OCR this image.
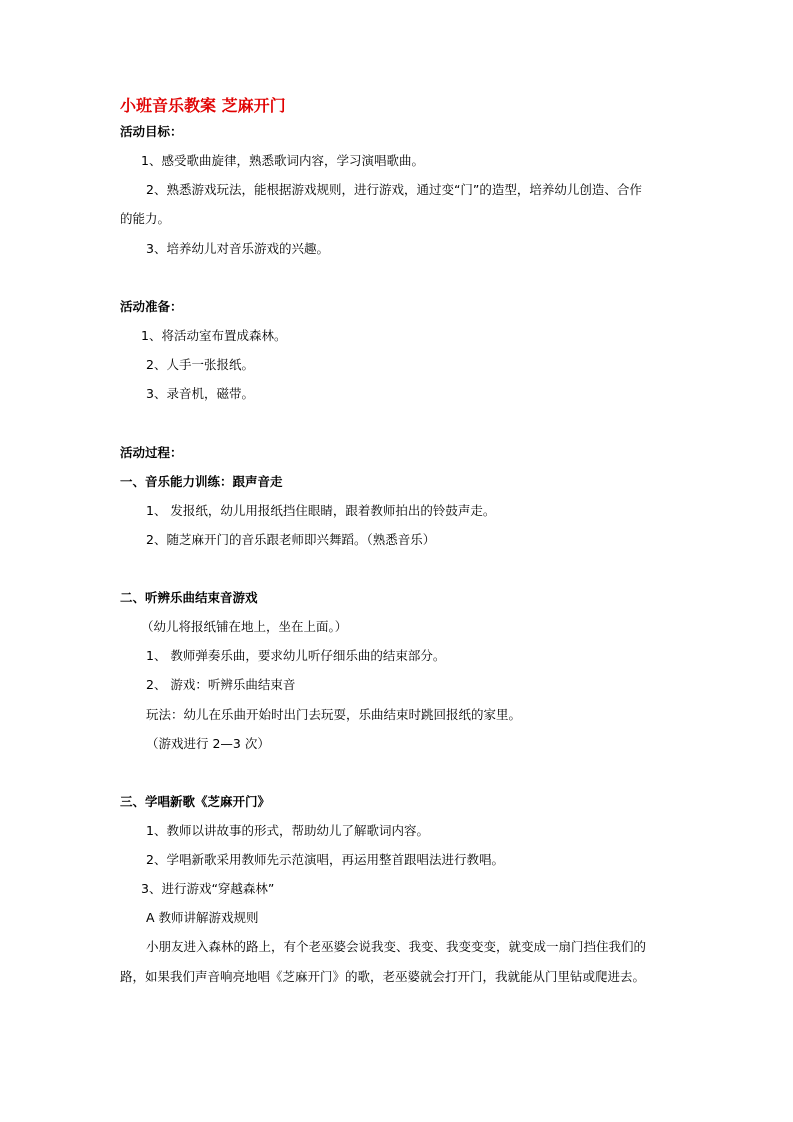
小班音乐教案 芝麻开门
活动目标：
1、感受歌曲旋律，熟悉歌词内容，学习演唱歌曲。
2、熟悉游戏玩法，能根据游戏规则，进行游戏，通过变“门”的造型，培养幼儿创造、合作
的能力。
3、培养幼儿对音乐游戏的兴趣。
活动准备：
1、将活动室布置成森林。
2、人手一张报纸。
3、录音机，磁带。
活动过程：
一、音乐能力训练：跟声音走
1、 发报纸，幼儿用报纸挡住眼睛，跟着教师拍出的铃鼓声走。
2、随芝麻开门的音乐跟老师即兴舞蹈。（熟悉音乐）
二、听辨乐曲结束音游戏
（幼儿将报纸铺在地上，坐在上面。）
1、 教师弹奏乐曲，要求幼儿听仔细乐曲的结束部分。
2、 游戏：听辨乐曲结束音
玩法：幼儿在乐曲开始时出门去玩耍，乐曲结束时跳回报纸的家里。
（游戏进行 2—3 次）
三、学唱新歌《芝麻开门》
1、教师以讲故事的形式，帮助幼儿了解歌词内容。
2、学唱新歌采用教师先示范演唱，再运用整首跟唱法进行教唱。
3、进行游戏“穿越森林”
A 教师讲解游戏规则
小朋友进入森林的路上，有个老巫婆会说我变、我变、我变变变，就变成一扇门挡住我们的
路，如果我们声音响亮地唱《芝麻开门》的歌，老巫婆就会打开门，我就能从门里钻或爬进去。
